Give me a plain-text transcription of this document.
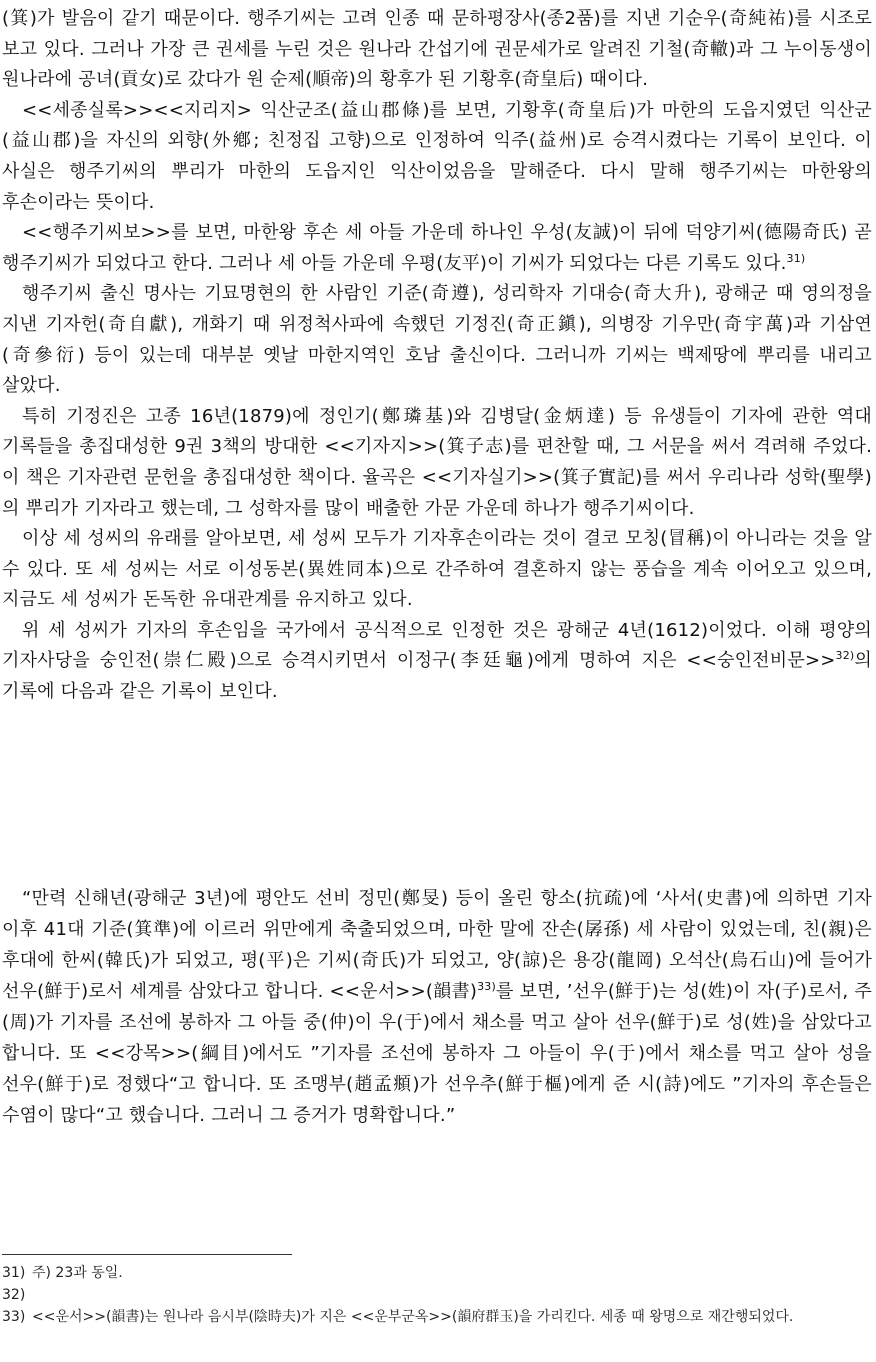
(箕)가 발음이 같기 때문이다. 행주기씨는 고려 인종 때 문하평장사(종2품)를 지낸 기순우(奇純祐)를 시조로 보고 있다. 그러나 가장 큰 권세를 누린 것은 원나라 간섭기에 권문세가로 알려진 기철(奇轍)과 그 누이동생이 원나라에 공녀(貢女)로 갔다가 원 순제(順帝)의 황후가 된 기황후(奇皇后) 때이다.

<<세종실록>><<지리지> 익산군조(益山郡條)를 보면, 기황후(奇皇后)가 마한의 도읍지였던 익산군(益山郡)을 자신의 외향(外鄕; 친정집 고향)으로 인정하여 익주(益州)로 승격시켰다는 기록이 보인다. 이 사실은 행주기씨의 뿌리가 마한의 도읍지인 익산이었음을 말해준다. 다시 말해 행주기씨는 마한왕의 후손이라는 뜻이다.

<<행주기씨보>>를 보면, 마한왕 후손 세 아들 가운데 하나인 우성(友誠)이 뒤에 덕양기씨(德陽奇氏) 곧 행주기씨가 되었다고 한다. 그러나 세 아들 가운데 우평(友平)이 기씨가 되었다는 다른 기록도 있다.$^{31)}$

행주기씨 출신 명사는 기묘명현의 한 사람인 기준(奇遵), 성리학자 기대승(奇大升), 광해군 때 영의정을 지낸 기자헌(奇自獻), 개화기 때 위정척사파에 속했던 기정진(奇正鎭), 의병장 기우만(奇宇萬)과 기삼연(奇參衍) 등이 있는데 대부분 옛날 마한지역인 호남 출신이다. 그러니까 기씨는 백제땅에 뿌리를 내리고 살았다.

특히 기정진은 고종 16년(1879)에 정인기(鄭璘基)와 김병달(金炳達) 등 유생들이 기자에 관한 역대 기록들을 총집대성한 9권 3책의 방대한 <<기자지>>(箕子志)를 편찬할 때, 그 서문을 써서 격려해 주었다. 이 책은 기자관련 문헌을 총집대성한 책이다. 율곡은 <<기자실기>>(箕子實記)를 써서 우리나라 성학(聖學)의 뿌리가 기자라고 했는데, 그 성학자를 많이 배출한 가문 가운데 하나가 행주기씨이다.

이상 세 성씨의 유래를 알아보면, 세 성씨 모두가 기자후손이라는 것이 결코 모칭(冒稱)이 아니라는 것을 알 수 있다. 또 세 성씨는 서로 이성동본(異姓同本)으로 간주하여 결혼하지 않는 풍습을 계속 이어오고 있으며, 지금도 세 성씨가 돈독한 유대관계를 유지하고 있다.

위 세 성씨가 기자의 후손임을 국가에서 공식적으로 인정한 것은 광해군 4년(1612)이었다. 이해 평양의 기자사당을 숭인전(崇仁殿)으로 승격시키면서 이정구(李廷龜)에게 명하여 지은 <<숭인전비문>>$^{32)}$의 기록에 다음과 같은 기록이 보인다.

“만력 신해년(광해군 3년)에 평안도 선비 정민(鄭旻) 등이 올린 항소(抗疏)에 ‘사서(史書)에 의하면 기자 이후 41대 기준(箕準)에 이르러 위만에게 축출되었으며, 마한 말에 잔손(孱孫) 세 사람이 있었는데, 친(親)은 후대에 한씨(韓氏)가 되었고, 평(平)은 기씨(奇氏)가 되었고, 양(諒)은 용강(龍岡) 오석산(烏石山)에 들어가 선우(鮮于)로서 세계를 삼았다고 합니다. <<운서>>(韻書)$^{33)}$를 보면, ’선우(鮮于)는 성(姓)이 자(子)로서, 주(周)가 기자를 조선에 봉하자 그 아들 중(仲)이 우(于)에서 채소를 먹고 살아 선우(鮮于)로 성(姓)을 삼았다고 합니다. 또 <<강목>>(綱目)에서도 ”기자를 조선에 봉하자 그 아들이 우(于)에서 채소를 먹고 살아 성을 선우(鮮于)로 정했다“고 합니다. 또 조맹부(趙孟頫)가 선우추(鮮于樞)에게 준 시(詩)에도 ”기자의 후손들은 수염이 많다“고 했습니다. 그러니 그 증거가 명확합니다.”

31) 주) 23과 동일.

32)

33) <<운서>>(韻書)는 원나라 음시부(陰時夫)가 지은 <<운부군옥>>(韻府群玉)을 가리킨다. 세종 때 왕명으로 재간행되었다.
